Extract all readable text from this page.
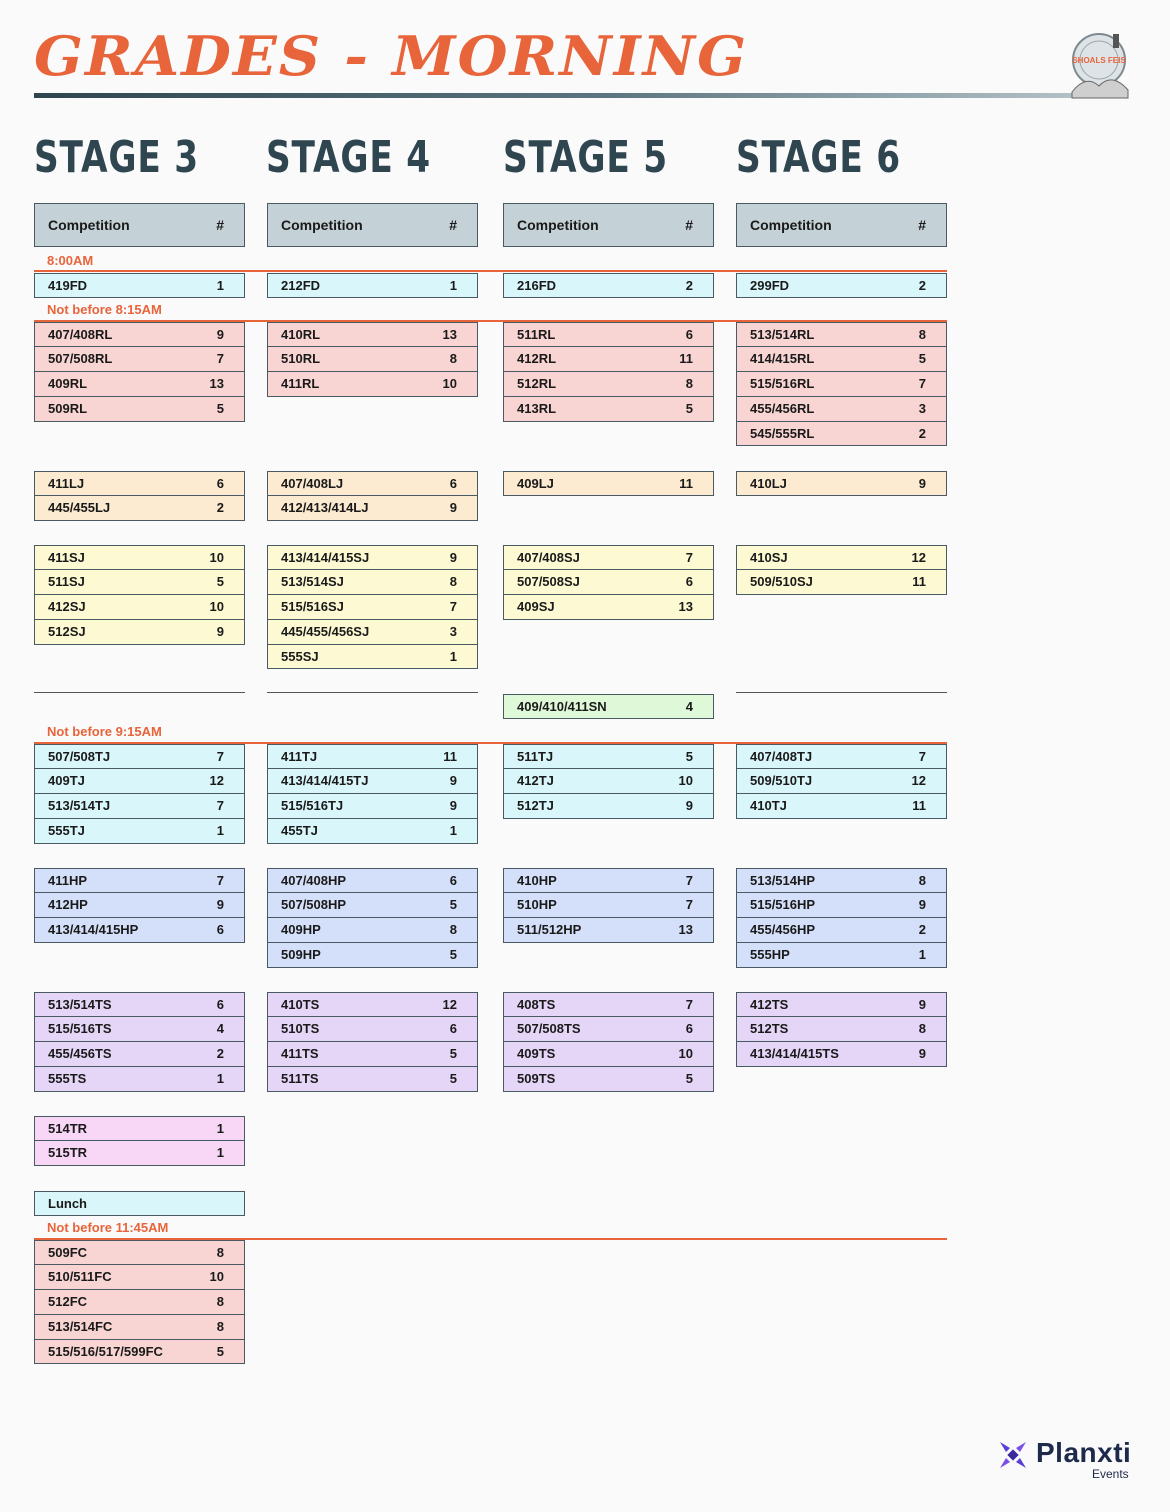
GRADES - MORNING	SHOALS FEIS
STAGE 3 STAGE 4 STAGE 5 STAGE 6
Competition	#
419FD	1
407/408RL	9
507/508RL	7
409RL	13
509RL	5
411LJ	6
445/455LJ	2
411SJ	10
511SJ	5
412SJ	10
512SJ	9
507/508TJ	7
409TJ	12
513/514TJ	7
555TJ	1
411HP	7
412HP	9
413/414/415HP	6
513/514TS	6
515/516TS	4
455/456TS	2
555TS	1
514TR	1
515TR	1
509FC	8
510/511FC	10
512FC	8
513/514FC	8
515/516/517/599FC	5
Lunch
Competition	#
212FD	1
410RL	13
510RL	8
411RL	10
407/408LJ	6
412/413/414LJ	9
413/414/415SJ	9
513/514SJ	8
515/516SJ	7
445/455/456SJ	3
555SJ	1
411TJ	11
413/414/415TJ	9
515/516TJ	9
455TJ	1
407/408HP	6
507/508HP	5
409HP	8
509HP	5
410TS	12
510TS	6
411TS	5
511TS	5
Competition	#
216FD	2
511RL	6
412RL	11
512RL	8
413RL	5
409LJ	11
407/408SJ	7
507/508SJ	6
409SJ	13
409/410/411SN	4
511TJ	5
412TJ	10
512TJ	9
410HP	7
510HP	7
511/512HP	13
408TS	7
507/508TS	6
409TS	10
509TS	5
Competition	#
299FD	2
513/514RL	8
414/415RL	5
515/516RL	7
455/456RL	3
545/555RL	2
410LJ	9
410SJ	12
509/510SJ	11
407/408TJ	7
509/510TJ	12
410TJ	11
513/514HP	8
515/516HP	9
455/456HP	2
555HP	1
412TS	9
512TS	8
413/414/415TS	9
8:00AM
Not before 8:15AM
Not before 9:15AM
Not before 11:45AM
Planxti
Events
